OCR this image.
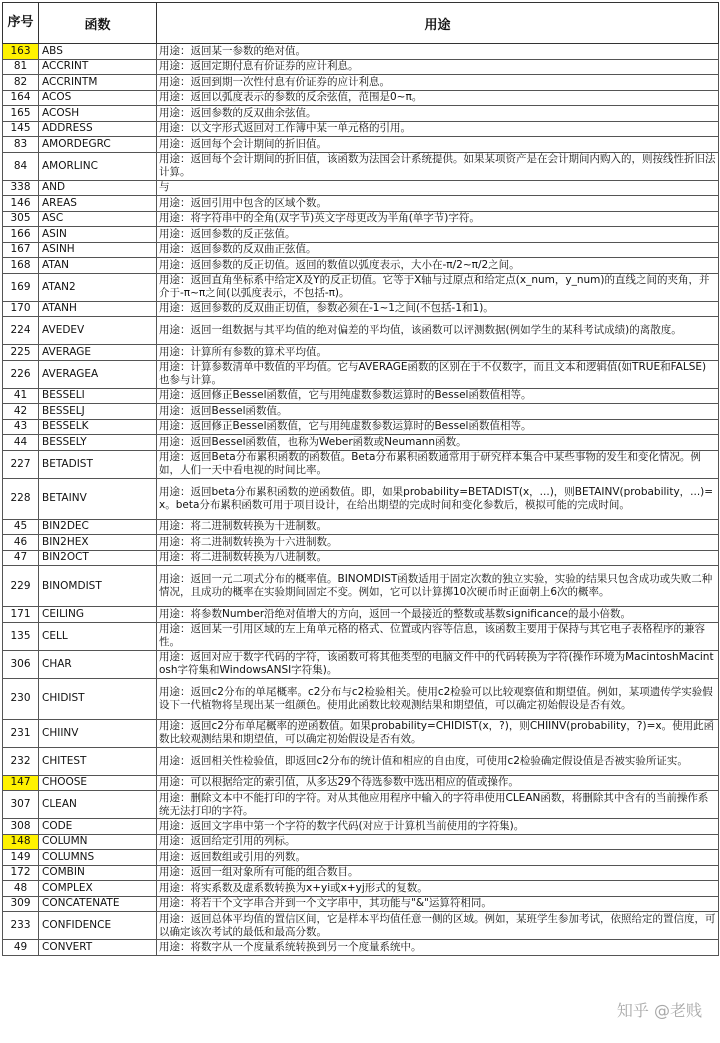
序号	函数	用途
163	ABS	用途：返回某一参数的绝对值。
81	ACCRINT	用途：返回定期付息有价证券的应计利息。
82	ACCRINTM	用途：返回到期一次性付息有价证券的应计利息。
164	ACOS	用途：返回以弧度表示的参数的反余弦值，范围是0~π。
165	ACOSH	用途：返回参数的反双曲余弦值。
145	ADDRESS	用途：以文字形式返回对工作簿中某一单元格的引用。
83	AMORDEGRC	用途：返回每个会计期间的折旧值。
84	AMORLINC	用途：返回每个会计期间的折旧值，该函数为法国会计系统提供。如果某项资产是在会计期间内购入的，则按线性折旧法计算。
338	AND	与
146	AREAS	用途：返回引用中包含的区域个数。
305	ASC	用途：将字符串中的全角(双字节)英文字母更改为半角(单字节)字符。
166	ASIN	用途：返回参数的反正弦值。
167	ASINH	用途：返回参数的反双曲正弦值。
168	ATAN	用途：返回参数的反正切值。返回的数值以弧度表示，大小在-π/2~π/2之间。
169	ATAN2	用途：返回直角坐标系中给定X及Y的反正切值。它等于X轴与过原点和给定点(x_num，y_num)的直线之间的夹角，并介于-π~π之间(以弧度表示，不包括-π)。
170	ATANH	用途：返回参数的反双曲正切值，参数必须在-1~1之间(不包括-1和1)。
224	AVEDEV	用途：返回一组数据与其平均值的绝对偏差的平均值，该函数可以评测数据(例如学生的某科考试成绩)的离散度。
225	AVERAGE	用途：计算所有参数的算术平均值。
226	AVERAGEA	用途：计算参数清单中数值的平均值。它与AVERAGE函数的区别在于不仅数字，而且文本和逻辑值(如TRUE和FALSE)也参与计算。
41	BESSELI	用途：返回修正Bessel函数值，它与用纯虚数参数运算时的Bessel函数值相等。
42	BESSELJ	用途：返回Bessel函数值。
43	BESSELK	用途：返回修正Bessel函数值，它与用纯虚数参数运算时的Bessel函数值相等。
44	BESSELY	用途：返回Bessel函数值，也称为Weber函数或Neumann函数。
227	BETADIST	用途：返回Beta分布累积函数的函数值。Beta分布累积函数通常用于研究样本集合中某些事物的发生和变化情况。例如，人们一天中看电视的时间比率。
228	BETAINV	用途：返回beta分布累积函数的逆函数值。即，如果probability=BETADIST(x，...)，则BETAINV(probability，...)=x。beta分布累积函数可用于项目设计，在给出期望的完成时间和变化参数后，模拟可能的完成时间。
45	BIN2DEC	用途：将二进制数转换为十进制数。
46	BIN2HEX	用途：将二进制数转换为十六进制数。
47	BIN2OCT	用途：将二进制数转换为八进制数。
229	BINOMDIST	用途：返回一元二项式分布的概率值。BINOMDIST函数适用于固定次数的独立实验，实验的结果只包含成功或失败二种情况，且成功的概率在实验期间固定不变。例如，它可以计算掷10次硬币时正面朝上6次的概率。
171	CEILING	用途：将参数Number沿绝对值增大的方向，返回一个最接近的整数或基数significance的最小倍数。
135	CELL	用途：返回某一引用区域的左上角单元格的格式、位置或内容等信息，该函数主要用于保持与其它电子表格程序的兼容性。
306	CHAR	用途：返回对应于数字代码的字符，该函数可将其他类型的电脑文件中的代码转换为字符(操作环境为MacintoshMacintosh字符集和WindowsANSI字符集)。
230	CHIDIST	用途：返回c2分布的单尾概率。c2分布与c2检验相关。使用c2检验可以比较观察值和期望值。例如，某项遗传学实验假设下一代植物将呈现出某一组颜色。使用此函数比较观测结果和期望值，可以确定初始假设是否有效。
231	CHIINV	用途：返回c2分布单尾概率的逆函数值。如果probability=CHIDIST(x，?)，则CHIINV(probability，?)=x。使用此函数比较观测结果和期望值，可以确定初始假设是否有效。
232	CHITEST	用途：返回相关性检验值，即返回c2分布的统计值和相应的自由度，可使用c2检验确定假设值是否被实验所证实。
147	CHOOSE	用途：可以根据给定的索引值，从多达29个待选参数中选出相应的值或操作。
307	CLEAN	用途：删除文本中不能打印的字符。对从其他应用程序中输入的字符串使用CLEAN函数，将删除其中含有的当前操作系统无法打印的字符。
308	CODE	用途：返回文字串中第一个字符的数字代码(对应于计算机当前使用的字符集)。
148	COLUMN	用途：返回给定引用的列标。
149	COLUMNS	用途：返回数组或引用的列数。
172	COMBIN	用途：返回一组对象所有可能的组合数目。
48	COMPLEX	用途：将实系数及虚系数转换为x+yi或x+yj形式的复数。
309	CONCATENATE	用途：将若干个文字串合并到一个文字串中，其功能与"&"运算符相同。
233	CONFIDENCE	用途：返回总体平均值的置信区间，它是样本平均值任意一侧的区域。例如，某班学生参加考试，依照给定的置信度，可以确定该次考试的最低和最高分数。
49	CONVERT	用途：将数字从一个度量系统转换到另一个度量系统中。
知乎 @老贱
